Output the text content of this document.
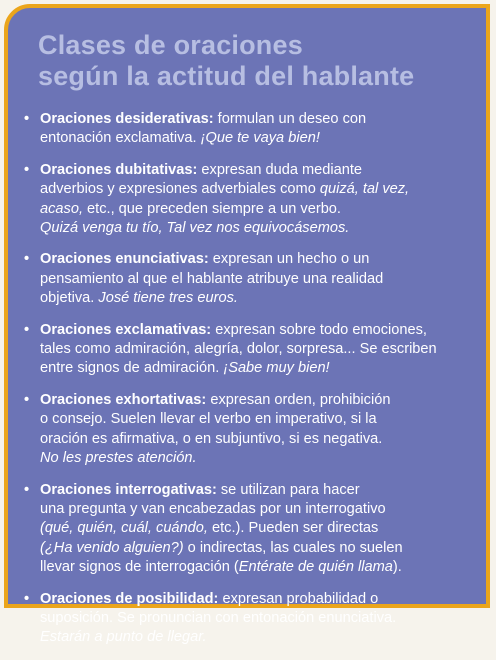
Clases de oraciones
según la actitud del hablante
• Oraciones desiderativas: formulan un deseo con
entonación exclamativa. ¡Que te vaya bien!
• Oraciones dubitativas: expresan duda mediante
adverbios y expresiones adverbiales como quizá, tal vez,
acaso, etc., que preceden siempre a un verbo.
Quizá venga tu tío, Tal vez nos equivocásemos.
• Oraciones enunciativas: expresan un hecho o un
pensamiento al que el hablante atribuye una realidad
objetiva. José tiene tres euros.
• Oraciones exclamativas: expresan sobre todo emociones,
tales como admiración, alegría, dolor, sorpresa... Se escriben
entre signos de admiración. ¡Sabe muy bien!
• Oraciones exhortativas: expresan orden, prohibición
o consejo. Suelen llevar el verbo en imperativo, si la
oración es afirmativa, o en subjuntivo, si es negativa.
No les prestes atención.
• Oraciones interrogativas: se utilizan para hacer
una pregunta y van encabezadas por un interrogativo
(qué, quién, cuál, cuándo, etc.). Pueden ser directas
(¿Ha venido alguien?) o indirectas, las cuales no suelen
llevar signos de interrogación (Entérate de quién llama).
• Oraciones de posibilidad: expresan probabilidad o
suposición. Se pronuncian con entonación enunciativa.
Estarán a punto de llegar.
